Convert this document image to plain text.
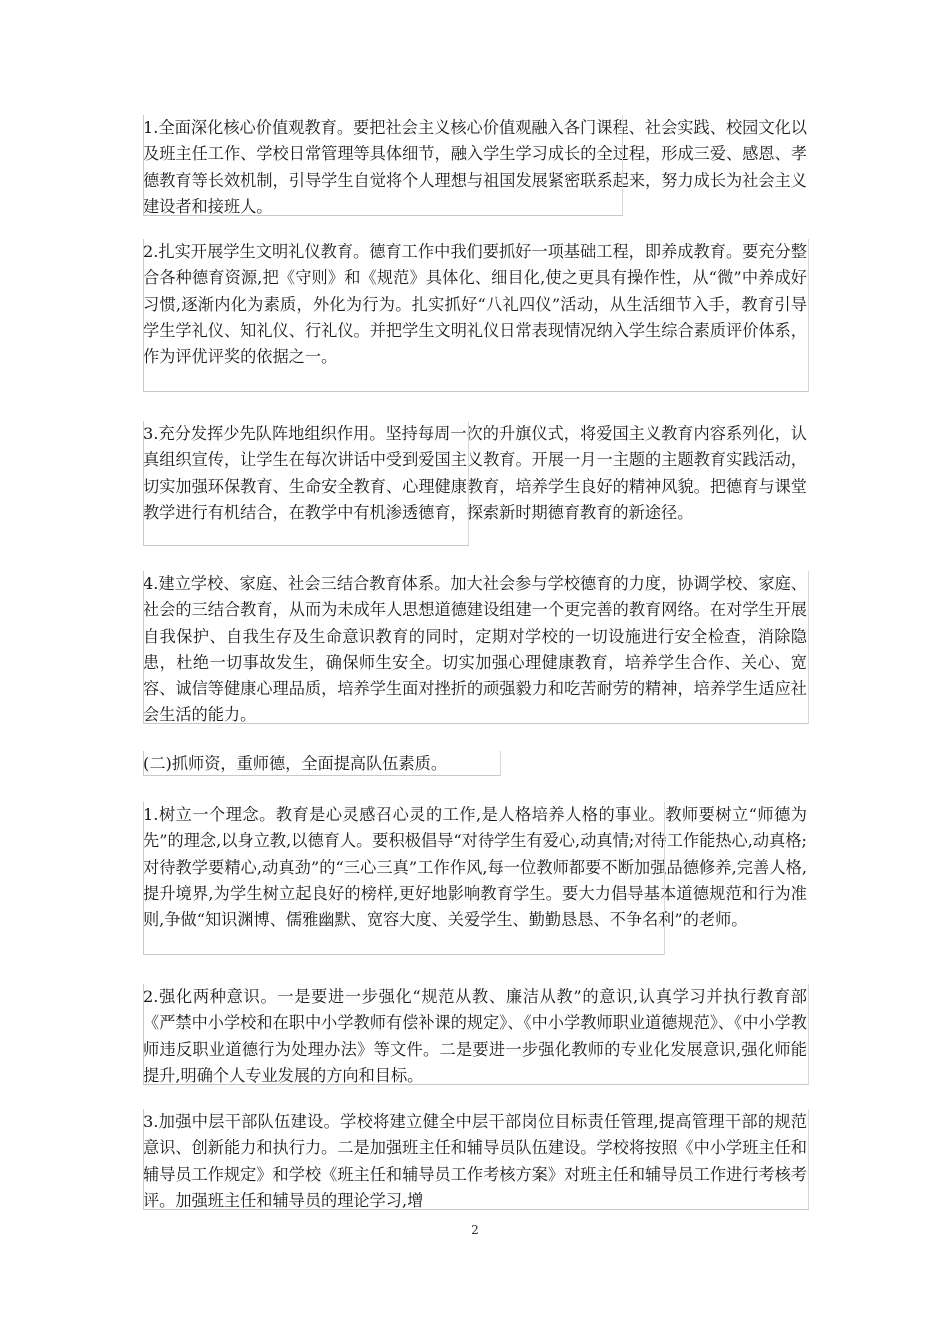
1.全面深化核心价值观教育。要把社会主义核心价值观融入各门课程、社会实践、校园文化以及班主任工作、学校日常管理等具体细节，融入学生学习成长的全过程，形成三爱、感恩、孝德教育等长效机制，引导学生自觉将个人理想与祖国发展紧密联系起来，努力成长为社会主义建设者和接班人。
2.扎实开展学生文明礼仪教育。德育工作中我们要抓好一项基础工程，即养成教育。要充分整合各种德育资源,把《守则》和《规范》具体化、细目化,使之更具有操作性，从“微”中养成好习惯,逐渐内化为素质，外化为行为。扎实抓好“八礼四仪”活动，从生活细节入手，教育引导学生学礼仪、知礼仪、行礼仪。并把学生文明礼仪日常表现情况纳入学生综合素质评价体系，作为评优评奖的依据之一。
3.充分发挥少先队阵地组织作用。坚持每周一次的升旗仪式，将爱国主义教育内容系列化，认真组织宣传，让学生在每次讲话中受到爱国主义教育。开展一月一主题的主题教育实践活动，切实加强环保教育、生命安全教育、心理健康教育，培养学生良好的精神风貌。把德育与课堂教学进行有机结合，在教学中有机渗透德育，探索新时期德育教育的新途径。
4.建立学校、家庭、社会三结合教育体系。加大社会参与学校德育的力度，协调学校、家庭、社会的三结合教育，从而为未成年人思想道德建设组建一个更完善的教育网络。在对学生开展自我保护、自我生存及生命意识教育的同时，定期对学校的一切设施进行安全检查，消除隐患，杜绝一切事故发生，确保师生安全。切实加强心理健康教育，培养学生合作、关心、宽容、诚信等健康心理品质，培养学生面对挫折的顽强毅力和吃苦耐劳的精神，培养学生适应社会生活的能力。
(二)抓师资，重师德，全面提高队伍素质。
1.树立一个理念。教育是心灵感召心灵的工作,是人格培养人格的事业。教师要树立“师德为先”的理念,以身立教,以德育人。要积极倡导“对待学生有爱心,动真情;对待工作能热心,动真格;对待教学要精心,动真劲”的“三心三真”工作作风,每一位教师都要不断加强品德修养,完善人格,提升境界,为学生树立起良好的榜样,更好地影响教育学生。要大力倡导基本道德规范和行为准则,争做“知识渊博、儒雅幽默、宽容大度、关爱学生、勤勤恳恳、不争名利”的老师。
2.强化两种意识。一是要进一步强化“规范从教、廉洁从教”的意识,认真学习并执行教育部《严禁中小学校和在职中小学教师有偿补课的规定》、《中小学教师职业道德规范》、《中小学教师违反职业道德行为处理办法》等文件。二是要进一步强化教师的专业化发展意识,强化师能提升,明确个人专业发展的方向和目标。
3.加强中层干部队伍建设。学校将建立健全中层干部岗位目标责任管理,提高管理干部的规范意识、创新能力和执行力。二是加强班主任和辅导员队伍建设。学校将按照《中小学班主任和辅导员工作规定》和学校《班主任和辅导员工作考核方案》对班主任和辅导员工作进行考核考评。加强班主任和辅导员的理论学习,增
2
